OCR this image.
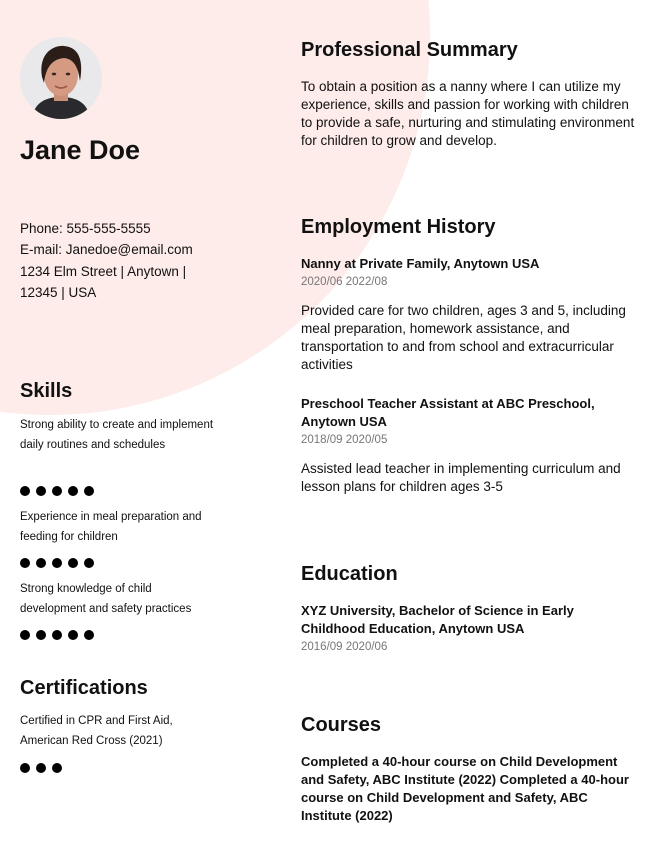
Jane Doe
Phone: 555-555-5555
E-mail: Janedoe@email.com
1234 Elm Street | Anytown |
12345 | USA
Skills
Strong ability to create and implement daily routines and schedules
Experience in meal preparation and feeding for children
Strong knowledge of child development and safety practices
Certifications
Certified in CPR and First Aid, American Red Cross (2021)
Professional Summary
To obtain a position as a nanny where I can utilize my experience, skills and passion for working with children to provide a safe, nurturing and stimulating environment for children to grow and develop.
Employment History
Nanny at Private Family, Anytown USA
2020/06 2022/08
Provided care for two children, ages 3 and 5, including meal preparation, homework assistance, and transportation to and from school and extracurricular activities
Preschool Teacher Assistant at ABC Preschool, Anytown USA
2018/09 2020/05
Assisted lead teacher in implementing curriculum and lesson plans for children ages 3-5
Education
XYZ University, Bachelor of Science in Early Childhood Education, Anytown USA
2016/09 2020/06
Courses
Completed a 40-hour course on Child Development and Safety, ABC Institute (2022) Completed a 40-hour course on Child Development and Safety, ABC Institute (2022)
